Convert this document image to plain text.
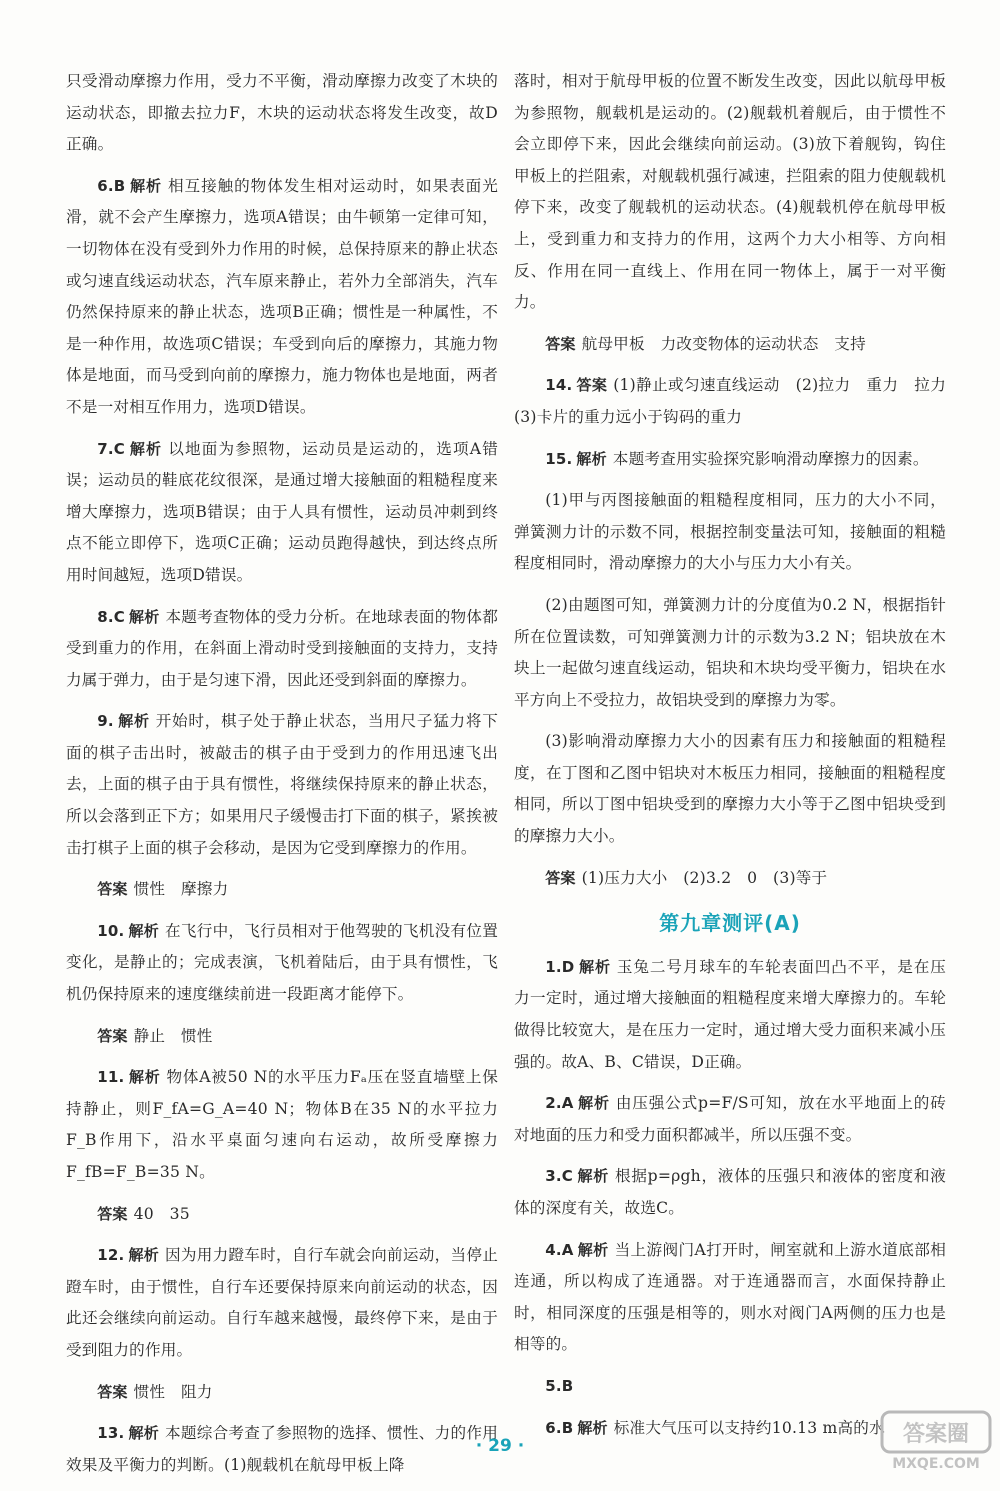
只受滑动摩擦力作用，受力不平衡，滑动摩擦力改变了木块的运动状态，即撤去拉力F，木块的运动状态将发生改变，故D正确。

6.B 解析 相互接触的物体发生相对运动时，如果表面光滑，就不会产生摩擦力，选项A错误；由牛顿第一定律可知，一切物体在没有受到外力作用的时候，总保持原来的静止状态或匀速直线运动状态，汽车原来静止，若外力全部消失，汽车仍然保持原来的静止状态，选项B正确；惯性是一种属性，不是一种作用，故选项C错误；车受到向后的摩擦力，其施力物体是地面，而马受到向前的摩擦力，施力物体也是地面，两者不是一对相互作用力，选项D错误。

7.C 解析 以地面为参照物，运动员是运动的，选项A错误；运动员的鞋底花纹很深，是通过增大接触面的粗糙程度来增大摩擦力，选项B错误；由于人具有惯性，运动员冲刺到终点不能立即停下，选项C正确；运动员跑得越快，到达终点所用时间越短，选项D错误。

8.C 解析 本题考查物体的受力分析。在地球表面的物体都受到重力的作用，在斜面上滑动时受到接触面的支持力，支持力属于弹力，由于是匀速下滑，因此还受到斜面的摩擦力。

9. 解析 开始时，棋子处于静止状态，当用尺子猛力将下面的棋子击出时，被敲击的棋子由于受到力的作用迅速飞出去，上面的棋子由于具有惯性，将继续保持原来的静止状态，所以会落到正下方；如果用尺子缓慢击打下面的棋子，紧挨被击打棋子上面的棋子会移动，是因为它受到摩擦力的作用。

答案 惯性　摩擦力

10. 解析 在飞行中，飞行员相对于他驾驶的飞机没有位置变化，是静止的；完成表演，飞机着陆后，由于具有惯性，飞机仍保持原来的速度继续前进一段距离才能停下。

答案 静止　惯性

11. 解析 物体A被50 N的水平压力Fₐ压在竖直墙壁上保持静止，则F_fA=G_A=40 N；物体B在35 N的水平拉力F_B作用下，沿水平桌面匀速向右运动，故所受摩擦力F_fB=F_B=35 N。

答案 40　35

12. 解析 因为用力蹬车时，自行车就会向前运动，当停止蹬车时，由于惯性，自行车还要保持原来向前运动的状态，因此还会继续向前运动。自行车越来越慢，最终停下来，是由于受到阻力的作用。

答案 惯性　阻力

13. 解析 本题综合考查了参照物的选择、惯性、力的作用效果及平衡力的判断。(1)舰载机在航母甲板上降

落时，相对于航母甲板的位置不断发生改变，因此以航母甲板为参照物，舰载机是运动的。(2)舰载机着舰后，由于惯性不会立即停下来，因此会继续向前运动。(3)放下着舰钩，钩住甲板上的拦阻索，对舰载机强行减速，拦阻索的阻力使舰载机停下来，改变了舰载机的运动状态。(4)舰载机停在航母甲板上，受到重力和支持力的作用，这两个力大小相等、方向相反、作用在同一直线上、作用在同一物体上，属于一对平衡力。

答案 航母甲板　力改变物体的运动状态　支持

14. 答案 (1)静止或匀速直线运动　(2)拉力　重力　拉力　(3)卡片的重力远小于钩码的重力

15. 解析 本题考查用实验探究影响滑动摩擦力的因素。

(1)甲与丙图接触面的粗糙程度相同，压力的大小不同，弹簧测力计的示数不同，根据控制变量法可知，接触面的粗糙程度相同时，滑动摩擦力的大小与压力大小有关。

(2)由题图可知，弹簧测力计的分度值为0.2 N，根据指针所在位置读数，可知弹簧测力计的示数为3.2 N；铝块放在木块上一起做匀速直线运动，铝块和木块均受平衡力，铝块在水平方向上不受拉力，故铝块受到的摩擦力为零。

(3)影响滑动摩擦力大小的因素有压力和接触面的粗糙程度，在丁图和乙图中铝块对木板压力相同，接触面的粗糙程度相同，所以丁图中铝块受到的摩擦力大小等于乙图中铝块受到的摩擦力大小。

答案 (1)压力大小　(2)3.2　0　(3)等于
第九章测评(A)

1.D 解析 玉兔二号月球车的车轮表面凹凸不平，是在压力一定时，通过增大接触面的粗糙程度来增大摩擦力的。车轮做得比较宽大，是在压力一定时，通过增大受力面积来减小压强的。故A、B、C错误，D正确。

2.A 解析 由压强公式p=F/S可知，放在水平地面上的砖对地面的压力和受力面积都减半，所以压强不变。

3.C 解析 根据p=ρgh，液体的压强只和液体的密度和液体的深度有关，故选C。

4.A 解析 当上游阀门A打开时，闸室就和上游水道底部相连通，所以构成了连通器。对于连通器而言，水面保持静止时，相同深度的压强是相等的，则水对阀门A两侧的压力也是相等的。

5.B

6.B 解析 标准大气压可以支持约10.13 m高的水

· 29 ·	答案圈
MXQE.COM
